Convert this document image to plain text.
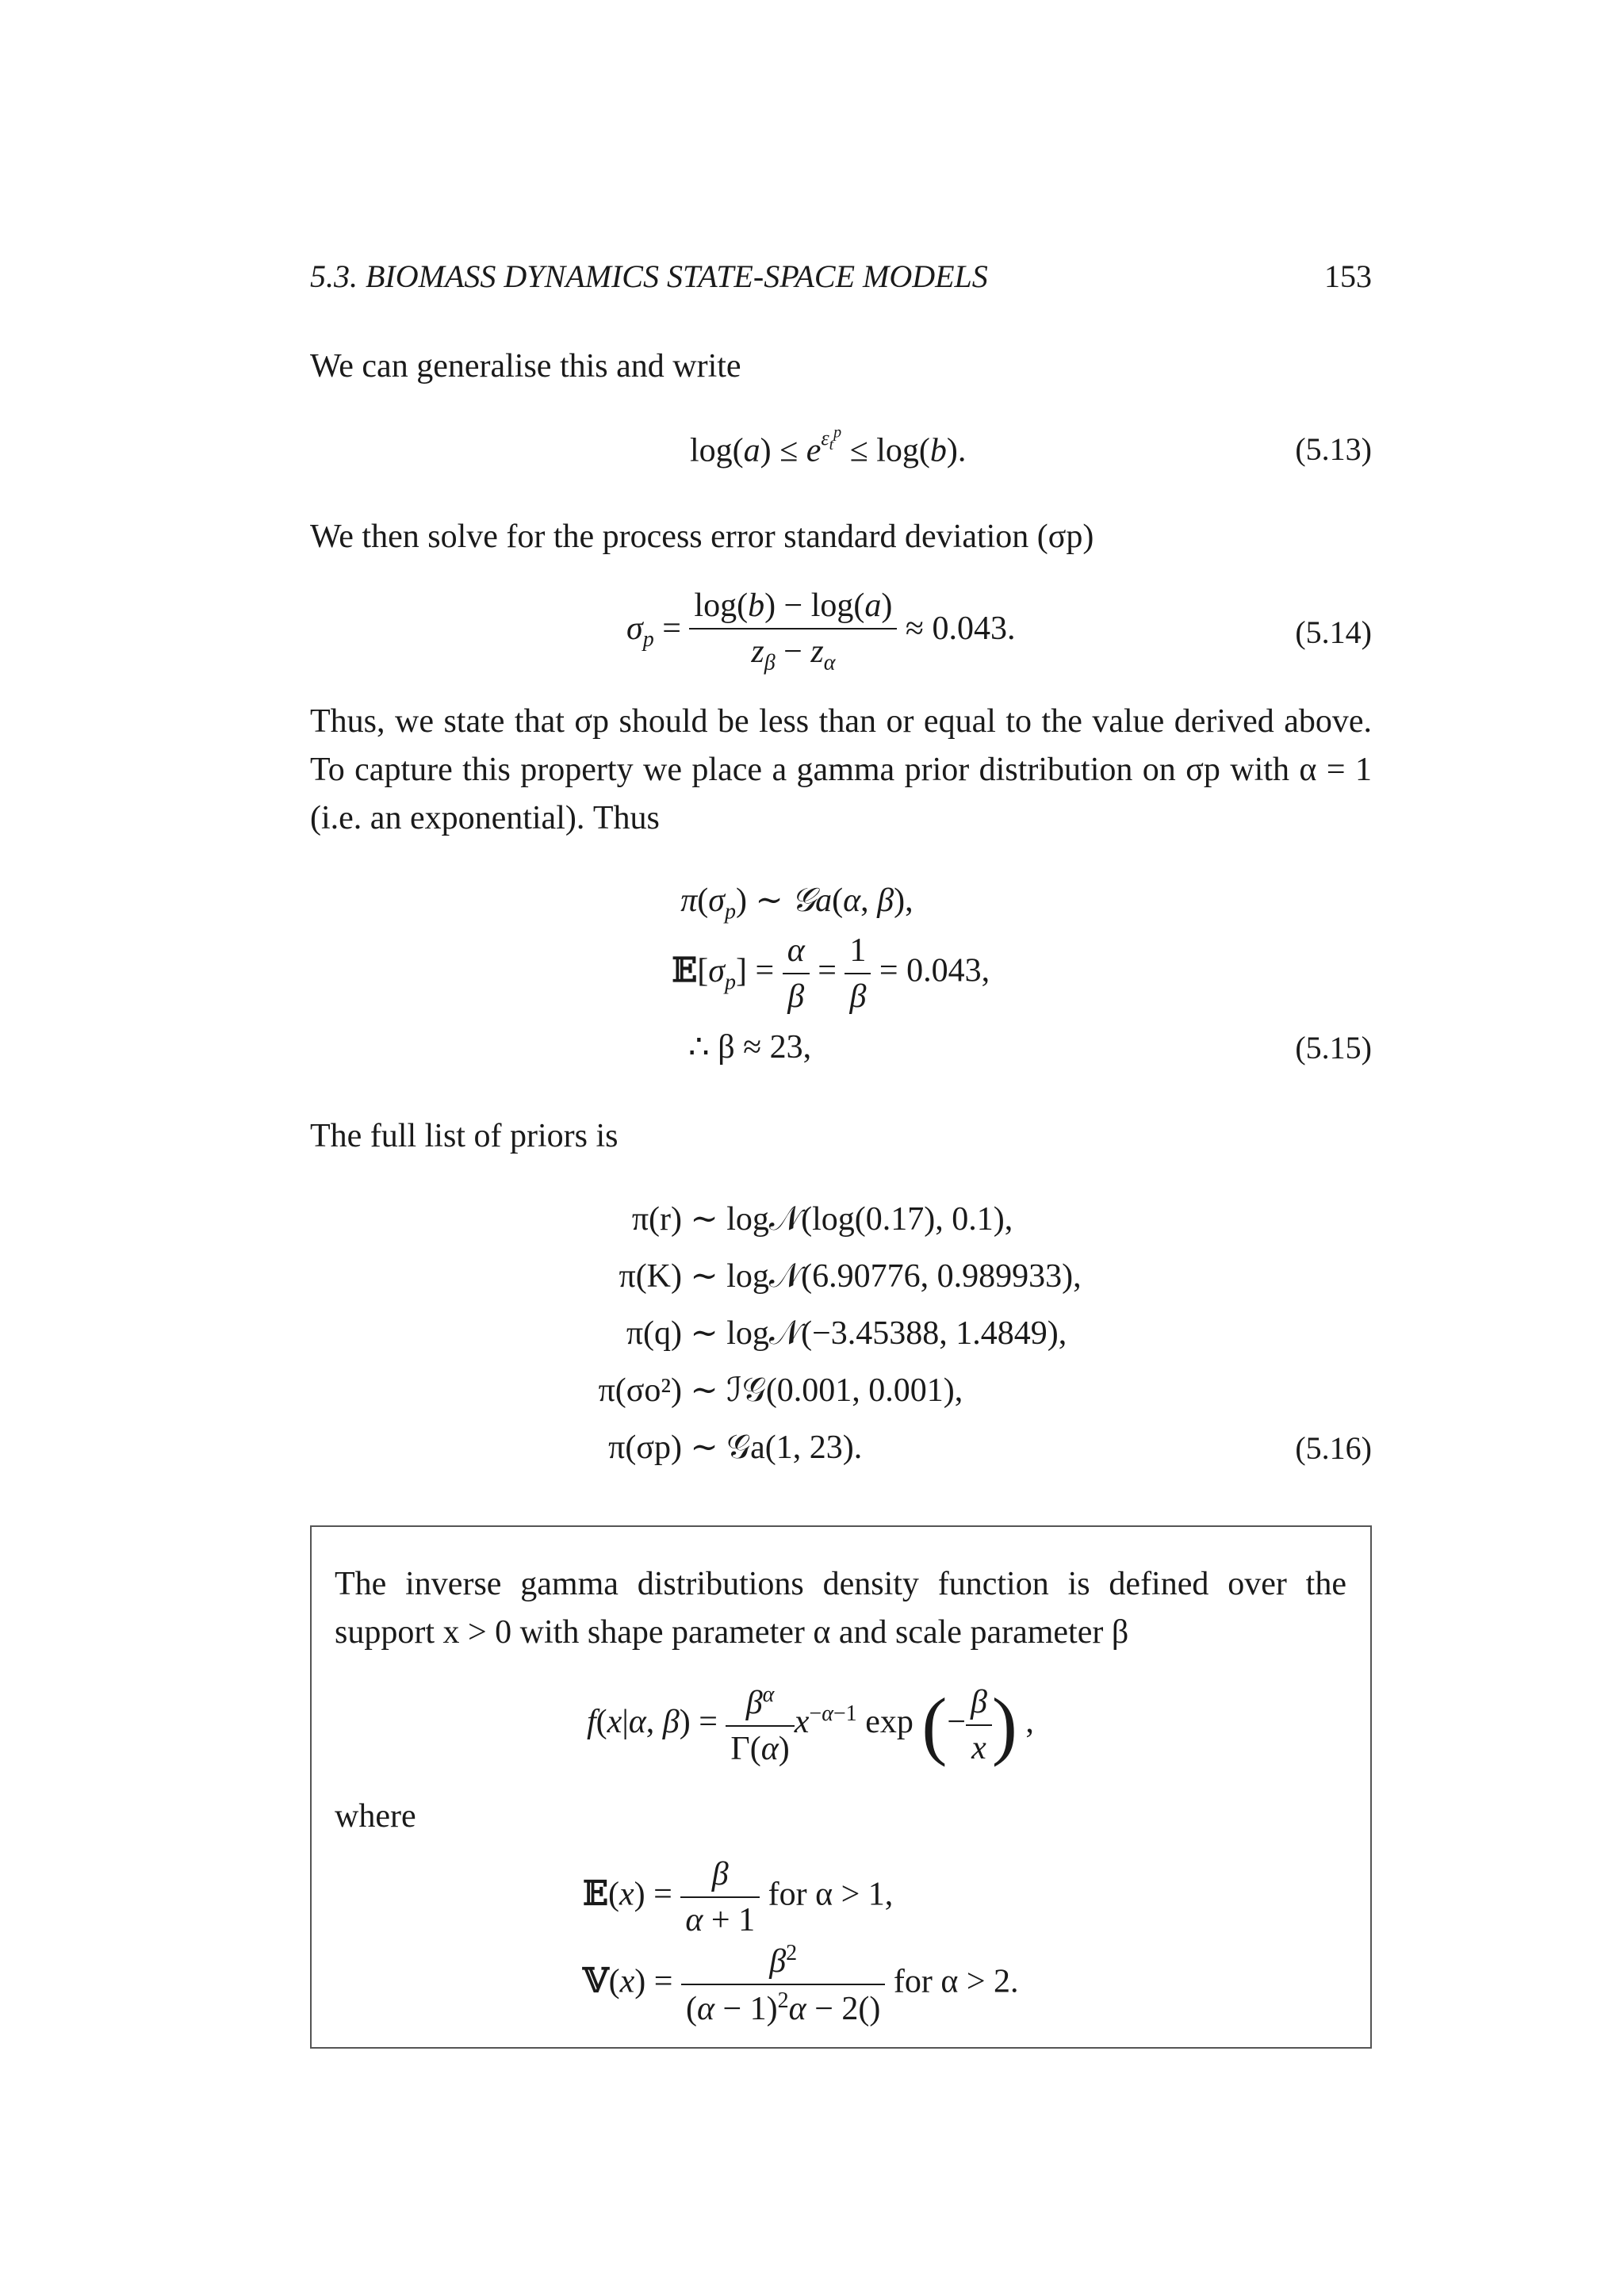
5.3. BIOMASS DYNAMICS STATE-SPACE MODELS	153
We can generalise this and write
$\log(a) \le e^{\varepsilon_t^p} \le \log(b)$.	(5.13)
We then solve for the process error standard deviation (σp)
$\sigma_p = \frac{\log(b) - \log(a)}{z_\beta - z_\alpha} \approx 0.043$.	(5.14)
Thus, we state that σp should be less than or equal to the value derived above. To capture this property we place a gamma prior distribution on σp with α = 1 (i.e. an exponential). Thus
$\pi(\sigma_p)$ ∼ 𝒢a(α, β),
$𝔼[\sigma_p] = \frac{\alpha}{\beta} = \frac{1}{\beta} = 0.043$,
∴ β ≈ 23,	(5.15)
The full list of priors is
π(r) ∼ log𝒩(log(0.17), 0.1),
π(K) ∼ log𝒩(6.90776, 0.989933),
π(q) ∼ log𝒩(−3.45388, 1.4849),
π(σo²) ∼ ℐ𝒢(0.001, 0.001),
π(σp) ∼ 𝒢a(1, 23).	(5.16)
The inverse gamma distributions density function is defined over the support x > 0 with shape parameter α and scale parameter β
f(x|α, $\beta) = \frac{\beta^\alpha}{\Gamma(\alpha)} x^{-\alpha-1}$ exp (− $\frac{\beta}{x}$ ) ,
where
𝔼(x) = $\frac{\beta}{\alpha + 1}$ for α > 1,
𝕍(x) = $\frac{\beta^2}{(\alpha - 1)^2\alpha - 2()}$ for α > 2.
